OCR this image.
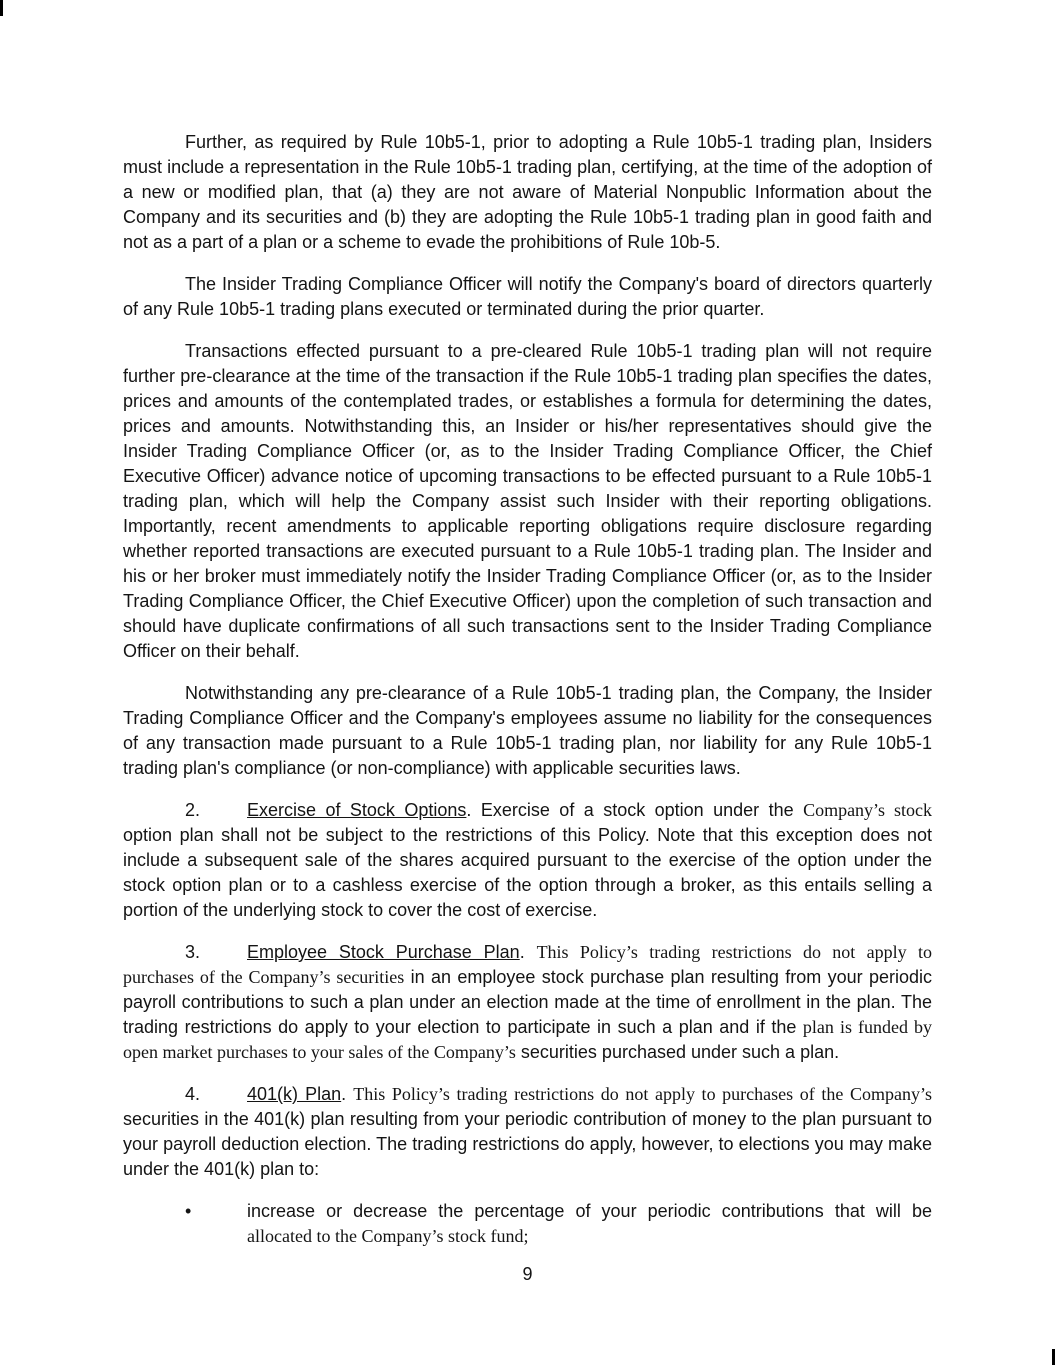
Further, as required by Rule 10b5-1, prior to adopting a Rule 10b5-1 trading plan, Insiders must include a representation in the Rule 10b5-1 trading plan, certifying, at the time of the adoption of a new or modified plan, that (a) they are not aware of Material Nonpublic Information about the Company and its securities and (b) they are adopting the Rule 10b5-1 trading plan in good faith and not as a part of a plan or a scheme to evade the prohibitions of Rule 10b-5.

The Insider Trading Compliance Officer will notify the Company's board of directors quarterly of any Rule 10b5-1 trading plans executed or terminated during the prior quarter.

Transactions effected pursuant to a pre-cleared Rule 10b5-1 trading plan will not require further pre-clearance at the time of the transaction if the Rule 10b5-1 trading plan specifies the dates, prices and amounts of the contemplated trades, or establishes a formula for determining the dates, prices and amounts. Notwithstanding this, an Insider or his/her representatives should give the Insider Trading Compliance Officer (or, as to the Insider Trading Compliance Officer, the Chief Executive Officer) advance notice of upcoming transactions to be effected pursuant to a Rule 10b5-1 trading plan, which will help the Company assist such Insider with their reporting obligations. Importantly, recent amendments to applicable reporting obligations require disclosure regarding whether reported transactions are executed pursuant to a Rule 10b5-1 trading plan. The Insider and his or her broker must immediately notify the Insider Trading Compliance Officer (or, as to the Insider Trading Compliance Officer, the Chief Executive Officer) upon the completion of such transaction and should have duplicate confirmations of all such transactions sent to the Insider Trading Compliance Officer on their behalf.

Notwithstanding any pre-clearance of a Rule 10b5-1 trading plan, the Company, the Insider Trading Compliance Officer and the Company's employees assume no liability for the consequences of any transaction made pursuant to a Rule 10b5-1 trading plan, nor liability for any Rule 10b5-1 trading plan's compliance (or non-compliance) with applicable securities laws.

2.	Exercise of Stock Options. Exercise of a stock option under the Company’s stock option plan shall not be subject to the restrictions of this Policy. Note that this exception does not include a subsequent sale of the shares acquired pursuant to the exercise of the option under the stock option plan or to a cashless exercise of the option through a broker, as this entails selling a portion of the underlying stock to cover the cost of exercise.

3.	Employee Stock Purchase Plan. This Policy’s trading restrictions do not apply to purchases of the Company’s securities in an employee stock purchase plan resulting from your periodic payroll contributions to such a plan under an election made at the time of enrollment in the plan. The trading restrictions do apply to your election to participate in such a plan and if the plan is funded by open market purchases to your sales of the Company’s securities purchased under such a plan.

4.	401(k) Plan. This Policy’s trading restrictions do not apply to purchases of the Company’s securities in the 401(k) plan resulting from your periodic contribution of money to the plan pursuant to your payroll deduction election. The trading restrictions do apply, however, to elections you may make under the 401(k) plan to:

•	increase or decrease the percentage of your periodic contributions that will be allocated to the Company’s stock fund;

9
